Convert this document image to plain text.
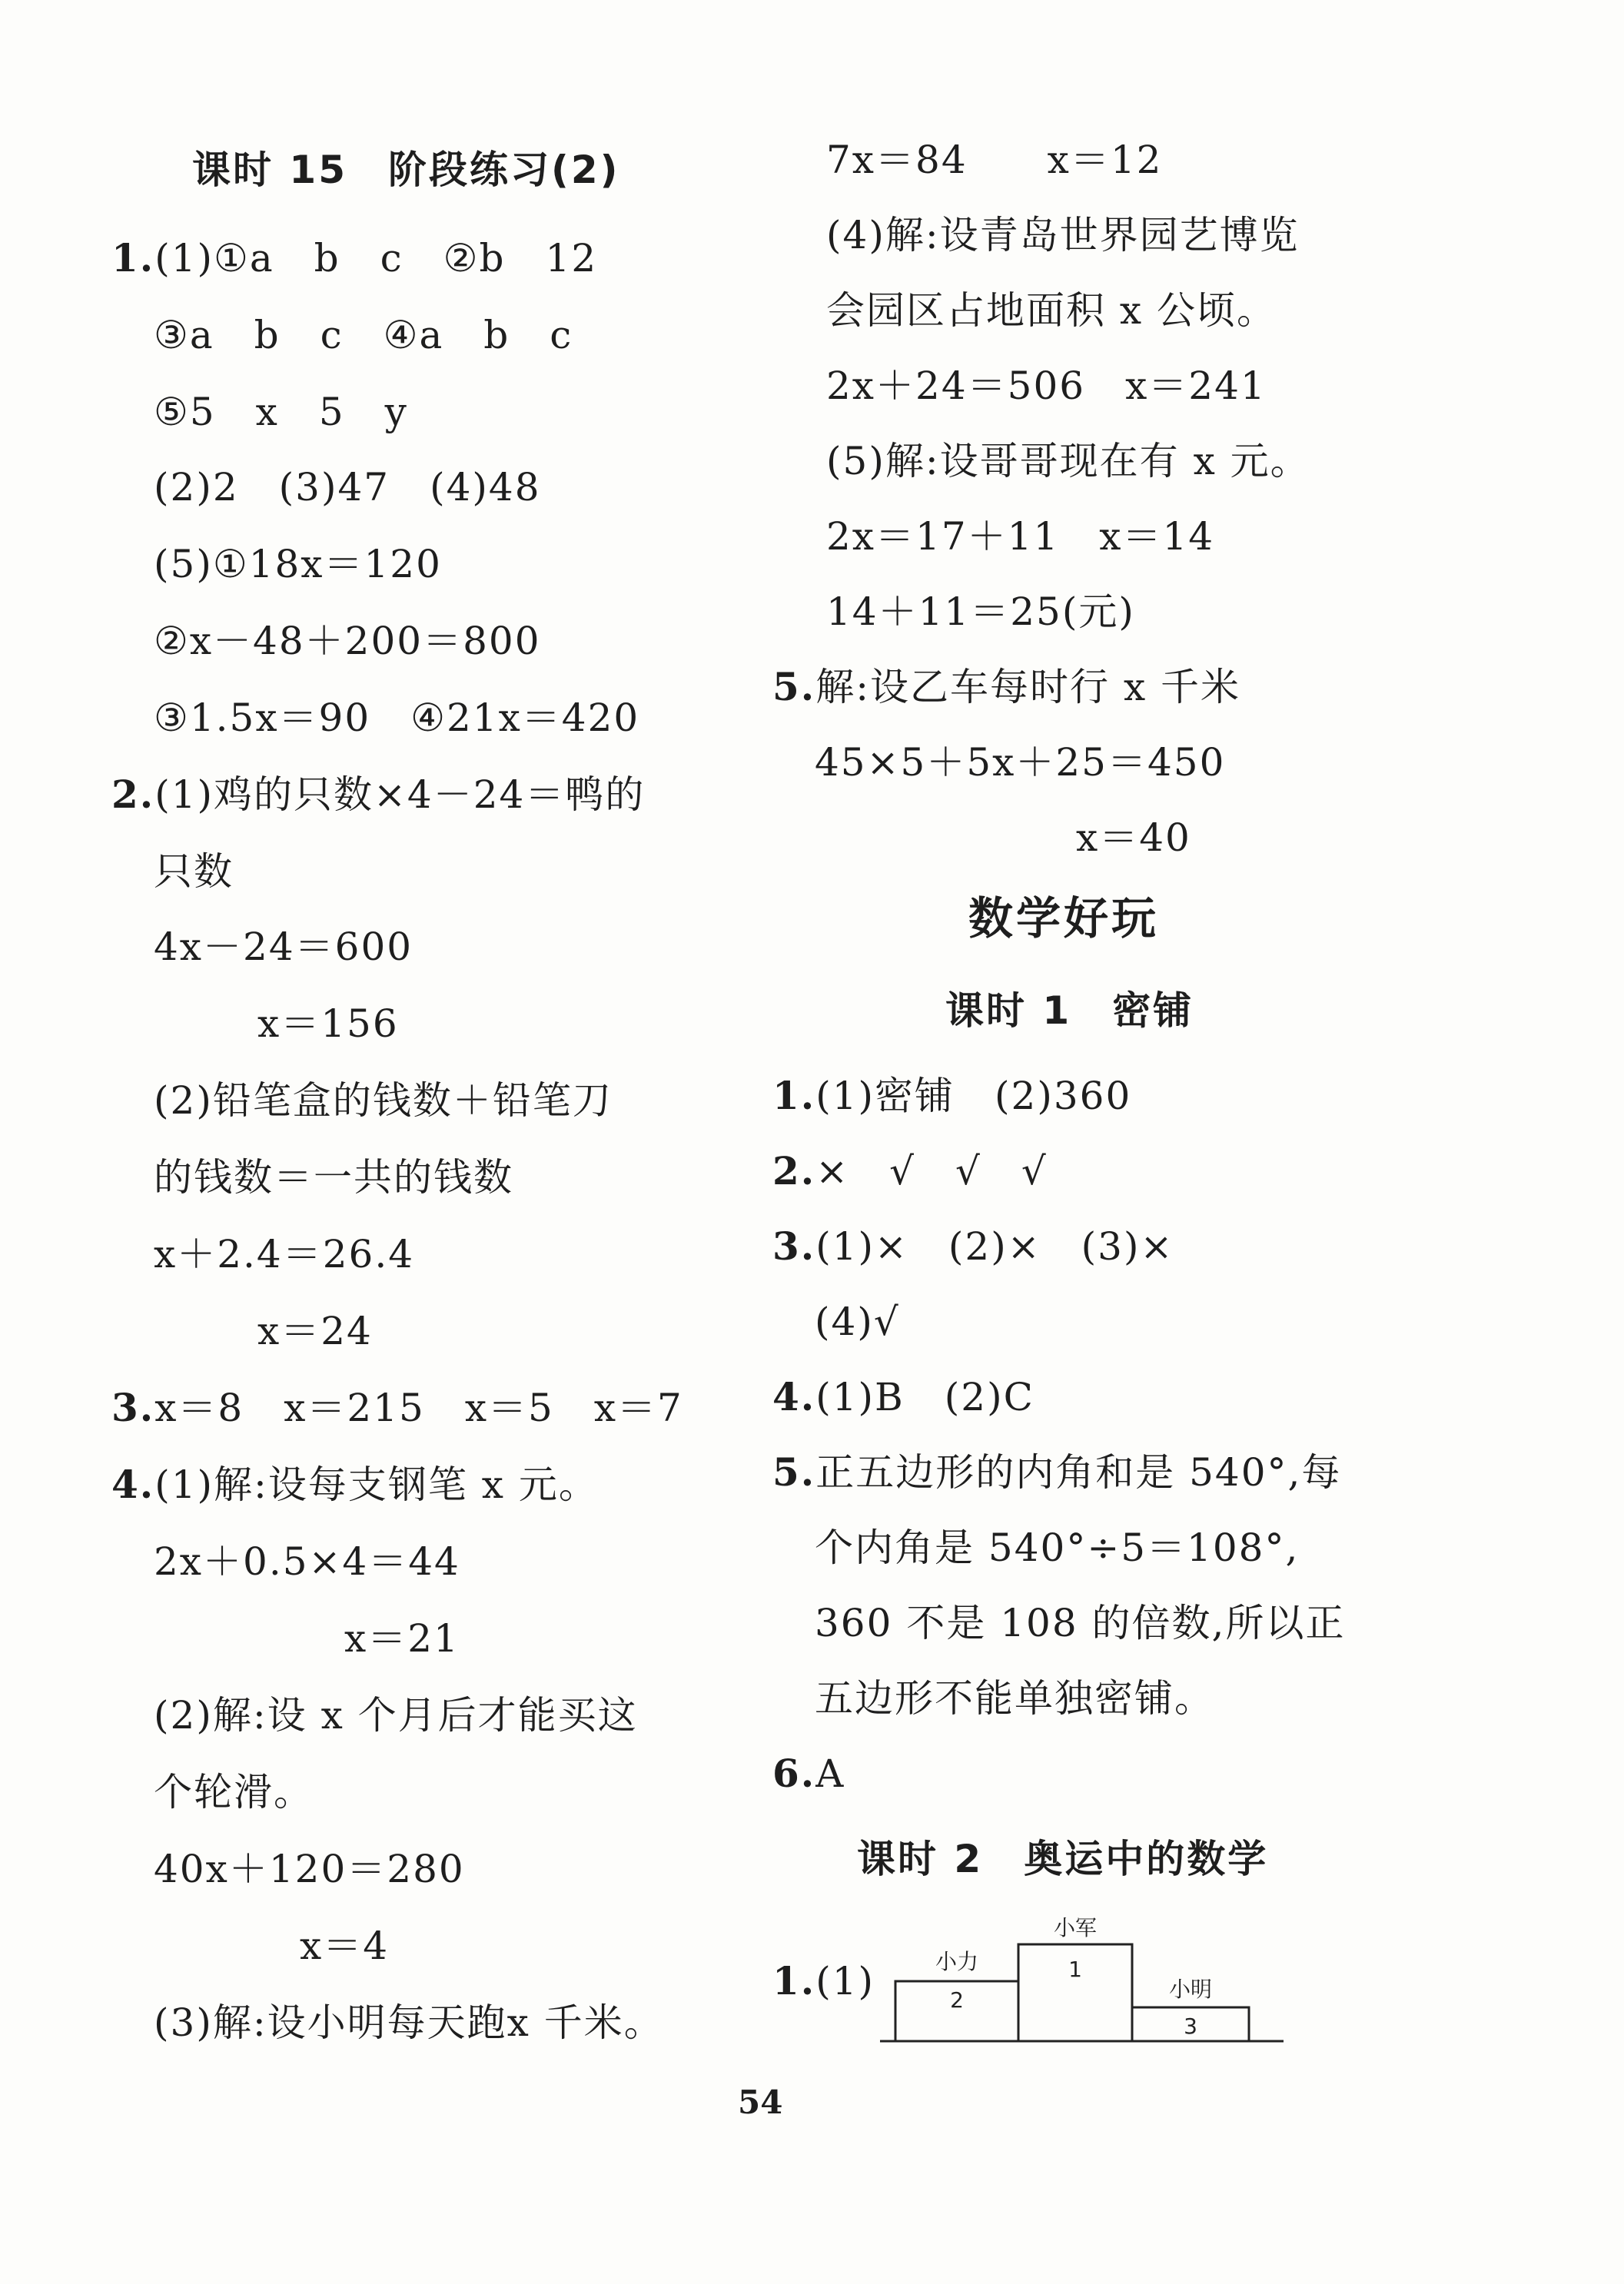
课时 15　阶段练习(2)
1.(1)①a　b　c　②b　12
③a　b　c　④a　b　c
⑤5　x　5　y
(2)2　(3)47　(4)48
(5)①18x＝120
②x－48＋200＝800
③1.5x＝90　④21x＝420
2.(1)鸡的只数×4－24＝鸭的
只数
4x－24＝600
x＝156
(2)铅笔盒的钱数＋铅笔刀
的钱数＝一共的钱数
x＋2.4＝26.4
x＝24
3.x＝8　x＝215　x＝5　x＝7
4.(1)解:设每支钢笔 x 元。
2x＋0.5×4＝44
x＝21
(2)解:设 x 个月后才能买这
个轮滑。
40x＋120＝280
x＝4
(3)解:设小明每天跑x 千米。
7x＝84　　x＝12
(4)解:设青岛世界园艺博览
会园区占地面积 x 公顷。
2x＋24＝506　x＝241
(5)解:设哥哥现在有 x 元。
2x＝17＋11　x＝14
14＋11＝25(元)
5.解:设乙车每时行 x 千米
45×5＋5x＋25＝450
x＝40
数学好玩
课时 1　密铺
1.(1)密铺　(2)360
2.×　√　√　√
3.(1)×　(2)×　(3)×
(4)√
4.(1)B　(2)C
5.正五边形的内角和是 540°,每
个内角是 540°÷5＝108°,
360 不是 108 的倍数,所以正
五边形不能单独密铺。
6.A
课时 2　奥运中的数学
1.(1)	小力
2
小军
1
小明
3
54
